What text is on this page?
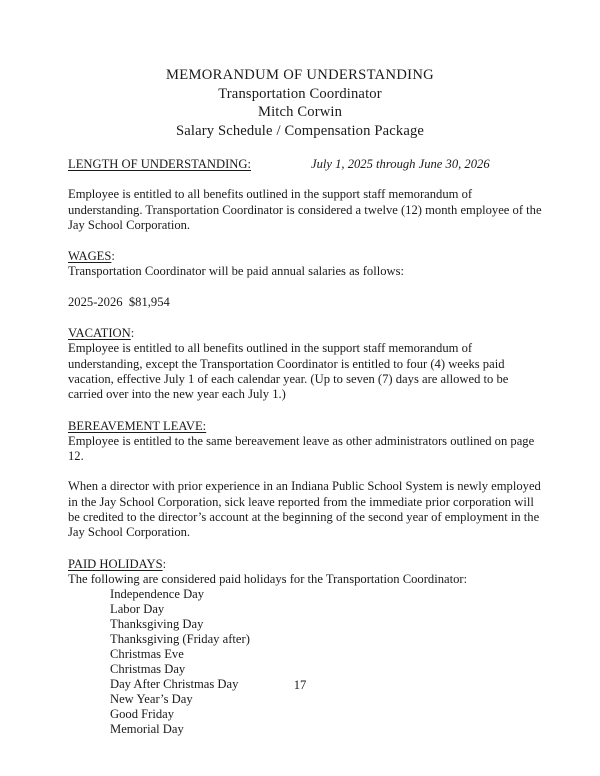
MEMORANDUM OF UNDERSTANDING
Transportation Coordinator
Mitch Corwin
Salary Schedule / Compensation Package
LENGTH OF UNDERSTANDING:	July 1, 2025 through June 30, 2026

Employee is entitled to all benefits outlined in the support staff memorandum of understanding. Transportation Coordinator is considered a twelve (12) month employee of the Jay School Corporation.

WAGES:

Transportation Coordinator will be paid annual salaries as follows:

2025-2026 $81,954
VACATION:

Employee is entitled to all benefits outlined in the support staff memorandum of understanding, except the Transportation Coordinator is entitled to four (4) weeks paid vacation, effective July 1 of each calendar year. (Up to seven (7) days are allowed to be carried over into the new year each July 1.)

BEREAVEMENT LEAVE:

Employee is entitled to the same bereavement leave as other administrators outlined on page 12.

When a director with prior experience in an Indiana Public School System is newly employed in the Jay School Corporation, sick leave reported from the immediate prior corporation will be credited to the director’s account at the beginning of the second year of employment in the Jay School Corporation.

PAID HOLIDAYS:

The following are considered paid holidays for the Transportation Coordinator:

Independence Day
Labor Day
Thanksgiving Day
Thanksgiving (Friday after)
Christmas Eve
Christmas Day
Day After Christmas Day
New Year’s Day
Good Friday
Memorial Day
17
